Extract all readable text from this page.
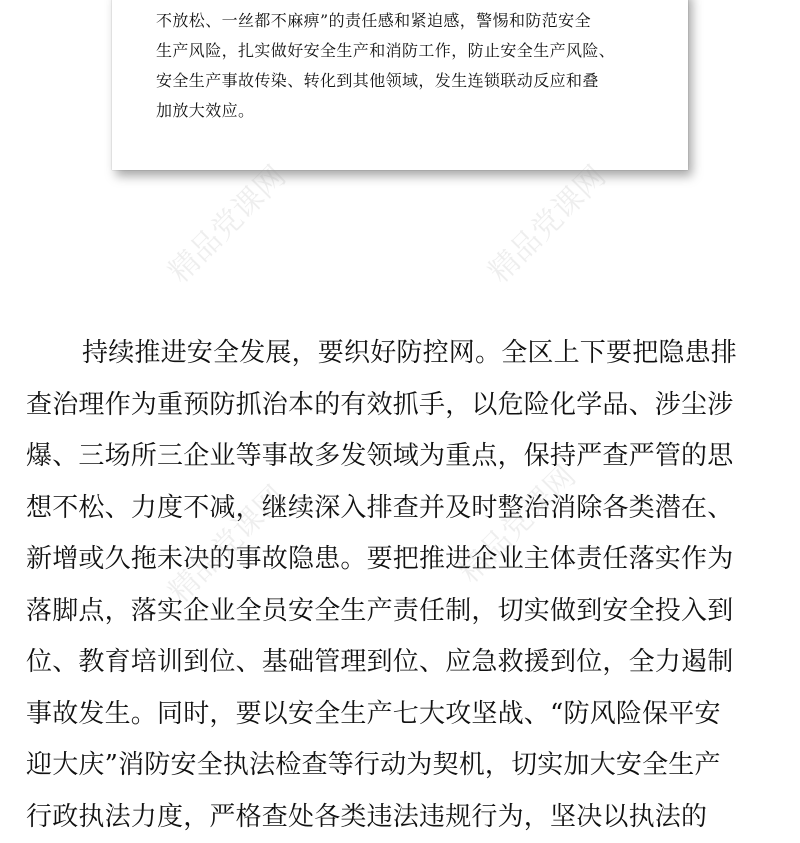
不放松、一丝都不麻痹”的责任感和紧迫感，警惕和防范安全
生产风险，扎实做好安全生产和消防工作，防止安全生产风险、
安全生产事故传染、转化到其他领域，发生连锁联动反应和叠
加放大效应。
持续推进安全发展，要织好防控网。全区上下要把隐患排
查治理作为重预防抓治本的有效抓手，以危险化学品、涉尘涉
爆、三场所三企业等事故多发领域为重点，保持严查严管的思
想不松、力度不减，继续深入排查并及时整治消除各类潜在、
新增或久拖未决的事故隐患。要把推进企业主体责任落实作为
落脚点，落实企业全员安全生产责任制，切实做到安全投入到
位、教育培训到位、基础管理到位、应急救援到位，全力遏制
事故发生。同时，要以安全生产七大攻坚战、“防风险保平安
迎大庆”消防安全执法检查等行动为契机，切实加大安全生产
行政执法力度，严格查处各类违法违规行为，坚决以执法的
精品党课网	精品党课网
精品党课网	精品党课网
